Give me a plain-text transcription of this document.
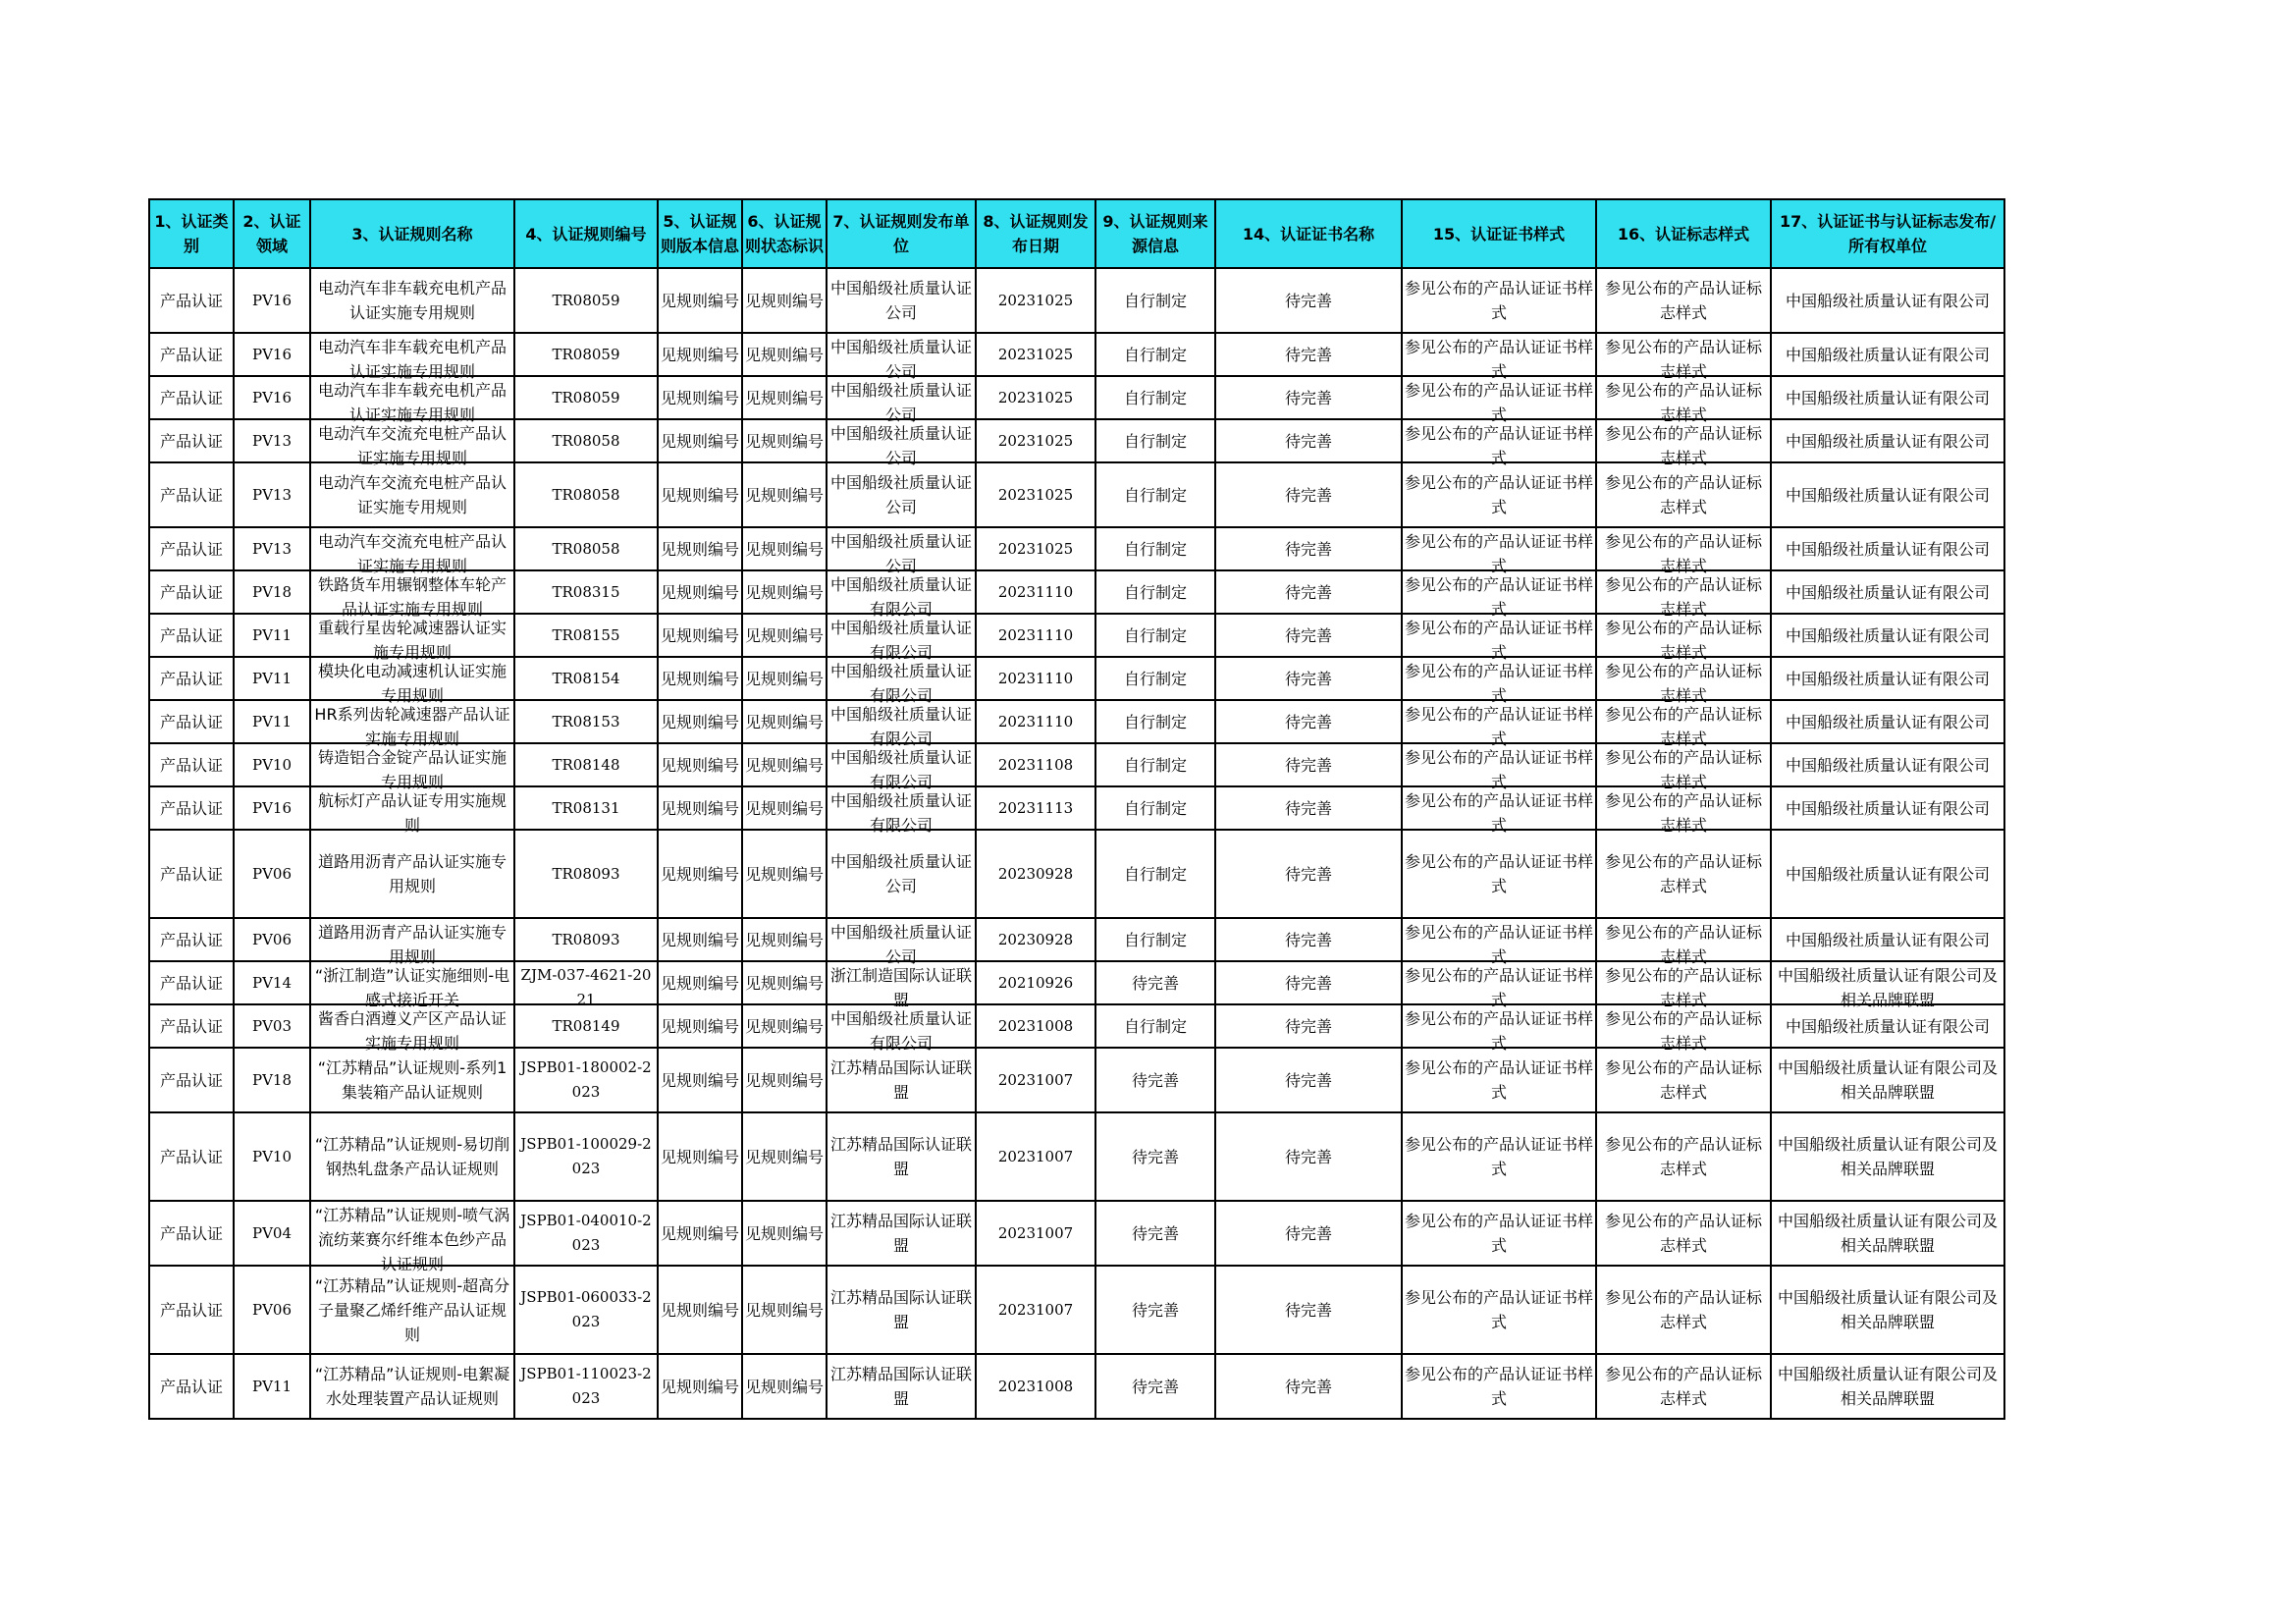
1、认证类别	2、认证领域	3、认证规则名称	4、认证规则编号	5、认证规则版本信息	6、认证规则状态标识	7、认证规则发布单位	8、认证规则发布日期	9、认证规则来源信息	14、认证证书名称	15、认证证书样式	16、认证标志样式	17、认证证书与认证标志发布/所有权单位

产品认证	PV16	电动汽车非车载充电机产品认证实施专用规则	TR08059	见规则编号	见规则编号	中国船级社质量认证公司	20231025	自行制定	待完善	参见公布的产品认证证书样式	参见公布的产品认证标志样式	中国船级社质量认证有限公司

产品认证	PV16	电动汽车非车载充电机产品认证实施专用规则	TR08059	见规则编号	见规则编号	中国船级社质量认证公司	20231025	自行制定	待完善	参见公布的产品认证证书样式	参见公布的产品认证标志样式	中国船级社质量认证有限公司

产品认证	PV16	电动汽车非车载充电机产品认证实施专用规则	TR08059	见规则编号	见规则编号	中国船级社质量认证公司	20231025	自行制定	待完善	参见公布的产品认证证书样式	参见公布的产品认证标志样式	中国船级社质量认证有限公司

产品认证	PV13	电动汽车交流充电桩产品认证实施专用规则	TR08058	见规则编号	见规则编号	中国船级社质量认证公司	20231025	自行制定	待完善	参见公布的产品认证证书样式	参见公布的产品认证标志样式	中国船级社质量认证有限公司

产品认证	PV13	电动汽车交流充电桩产品认证实施专用规则	TR08058	见规则编号	见规则编号	中国船级社质量认证公司	20231025	自行制定	待完善	参见公布的产品认证证书样式	参见公布的产品认证标志样式	中国船级社质量认证有限公司

产品认证	PV13	电动汽车交流充电桩产品认证实施专用规则	TR08058	见规则编号	见规则编号	中国船级社质量认证公司	20231025	自行制定	待完善	参见公布的产品认证证书样式	参见公布的产品认证标志样式	中国船级社质量认证有限公司

产品认证	PV18	铁路货车用辗钢整体车轮产品认证实施专用规则	TR08315	见规则编号	见规则编号	中国船级社质量认证有限公司	20231110	自行制定	待完善	参见公布的产品认证证书样式	参见公布的产品认证标志样式	中国船级社质量认证有限公司

产品认证	PV11	重载行星齿轮减速器认证实施专用规则	TR08155	见规则编号	见规则编号	中国船级社质量认证有限公司	20231110	自行制定	待完善	参见公布的产品认证证书样式	参见公布的产品认证标志样式	中国船级社质量认证有限公司

产品认证	PV11	模块化电动减速机认证实施专用规则	TR08154	见规则编号	见规则编号	中国船级社质量认证有限公司	20231110	自行制定	待完善	参见公布的产品认证证书样式	参见公布的产品认证标志样式	中国船级社质量认证有限公司

产品认证	PV11	HR系列齿轮减速器产品认证实施专用规则	TR08153	见规则编号	见规则编号	中国船级社质量认证有限公司	20231110	自行制定	待完善	参见公布的产品认证证书样式	参见公布的产品认证标志样式	中国船级社质量认证有限公司

产品认证	PV10	铸造铝合金锭产品认证实施专用规则	TR08148	见规则编号	见规则编号	中国船级社质量认证有限公司	20231108	自行制定	待完善	参见公布的产品认证证书样式	参见公布的产品认证标志样式	中国船级社质量认证有限公司

产品认证	PV16	航标灯产品认证专用实施规则	TR08131	见规则编号	见规则编号	中国船级社质量认证有限公司	20231113	自行制定	待完善	参见公布的产品认证证书样式	参见公布的产品认证标志样式	中国船级社质量认证有限公司

产品认证	PV06	道路用沥青产品认证实施专用规则	TR08093	见规则编号	见规则编号	中国船级社质量认证公司	20230928	自行制定	待完善	参见公布的产品认证证书样式	参见公布的产品认证标志样式	中国船级社质量认证有限公司

产品认证	PV06	道路用沥青产品认证实施专用规则	TR08093	见规则编号	见规则编号	中国船级社质量认证公司	20230928	自行制定	待完善	参见公布的产品认证证书样式	参见公布的产品认证标志样式	中国船级社质量认证有限公司

产品认证	PV14	“浙江制造”认证实施细则-电感式接近开关	ZJM-037-4621-2021	见规则编号	见规则编号	浙江制造国际认证联盟	20210926	待完善	待完善	参见公布的产品认证证书样式	参见公布的产品认证标志样式	中国船级社质量认证有限公司及相关品牌联盟

产品认证	PV03	酱香白酒遵义产区产品认证实施专用规则	TR08149	见规则编号	见规则编号	中国船级社质量认证有限公司	20231008	自行制定	待完善	参见公布的产品认证证书样式	参见公布的产品认证标志样式	中国船级社质量认证有限公司

产品认证	PV18	“江苏精品”认证规则-系列1集装箱产品认证规则	JSPB01-180002-2023	见规则编号	见规则编号	江苏精品国际认证联盟	20231007	待完善	待完善	参见公布的产品认证证书样式	参见公布的产品认证标志样式	中国船级社质量认证有限公司及相关品牌联盟

产品认证	PV10	“江苏精品”认证规则-易切削钢热轧盘条产品认证规则	JSPB01-100029-2023	见规则编号	见规则编号	江苏精品国际认证联盟	20231007	待完善	待完善	参见公布的产品认证证书样式	参见公布的产品认证标志样式	中国船级社质量认证有限公司及相关品牌联盟

产品认证	PV04	“江苏精品”认证规则-喷气涡流纺莱赛尔纤维本色纱产品认证规则	JSPB01-040010-2023	见规则编号	见规则编号	江苏精品国际认证联盟	20231007	待完善	待完善	参见公布的产品认证证书样式	参见公布的产品认证标志样式	中国船级社质量认证有限公司及相关品牌联盟

产品认证	PV06	“江苏精品”认证规则-超高分子量聚乙烯纤维产品认证规则	JSPB01-060033-2023	见规则编号	见规则编号	江苏精品国际认证联盟	20231007	待完善	待完善	参见公布的产品认证证书样式	参见公布的产品认证标志样式	中国船级社质量认证有限公司及相关品牌联盟

产品认证	PV11	“江苏精品”认证规则-电絮凝水处理装置产品认证规则	JSPB01-110023-2023	见规则编号	见规则编号	江苏精品国际认证联盟	20231008	待完善	待完善	参见公布的产品认证证书样式	参见公布的产品认证标志样式	中国船级社质量认证有限公司及相关品牌联盟
